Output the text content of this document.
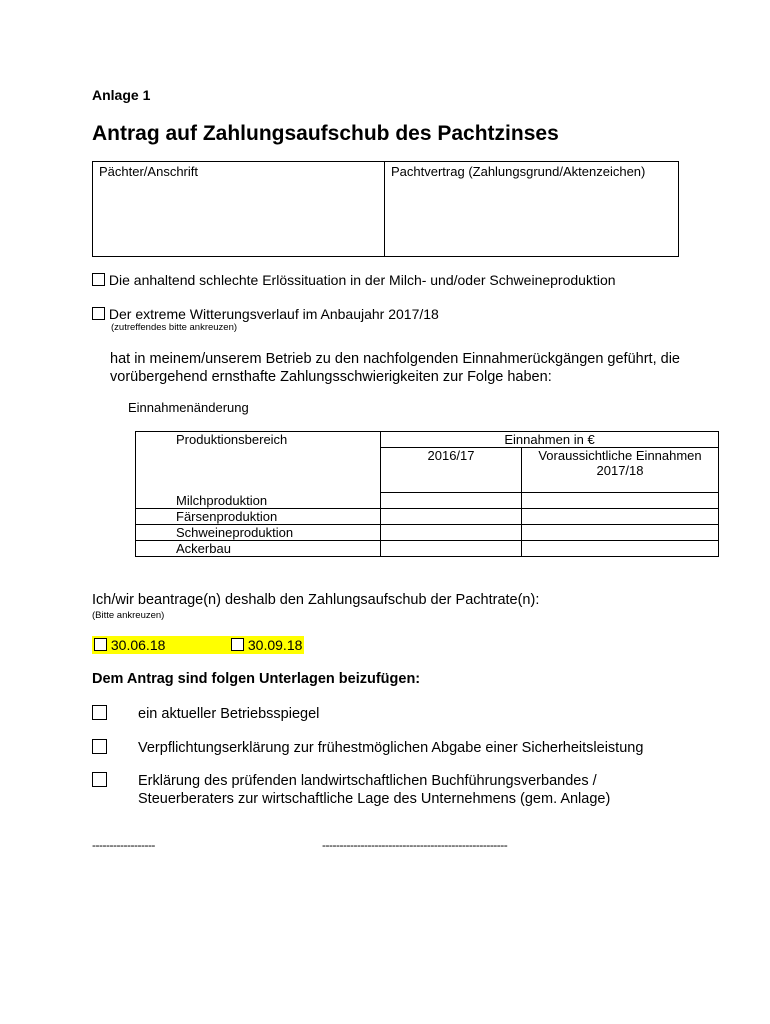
Anlage 1
Antrag auf Zahlungsaufschub des Pachtzinses
Pächter/Anschrift	Pachtvertrag (Zahlungsgrund/Aktenzeichen)
Die anhaltend schlechte Erlössituation in der Milch- und/oder Schweineproduktion
Der extreme Witterungsverlauf im Anbaujahr 2017/18
(zutreffendes bitte ankreuzen)
hat in meinem/unserem Betrieb zu den nachfolgenden Einnahmerückgängen geführt, die vorübergehend ernsthafte Zahlungsschwierigkeiten zur Folge haben:
Einnahmenänderung
Produktionsbereich	Einnahmen in €	
	2016/17	Voraussichtliche Einnahmen 2017/18
Milchproduktion		
Färsenproduktion		
Schweineproduktion		
Ackerbau		
Ich/wir beantrage(n) deshalb den Zahlungsaufschub der Pachtrate(n):
(Bitte ankreuzen)
30.06.18	30.09.18
Dem Antrag sind folgen Unterlagen beizufügen:
ein aktueller Betriebsspiegel
Verpflichtungserklärung zur frühestmöglichen Abgabe einer Sicherheitsleistung
Erklärung des prüfenden landwirtschaftlichen Buchführungsverbandes / Steuerberaters zur wirtschaftliche Lage des Unternehmens (gem. Anlage)
------------------	-----------------------------------------------------
